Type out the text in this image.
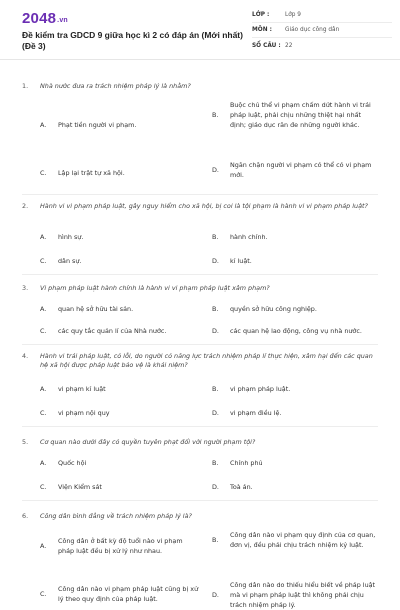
2048.vn
Đề kiểm tra GDCD 9 giữa học kì 2 có đáp án (Mới nhất) (Đề 3)
LỚP :	Lớp 9
MÔN :	Giáo dục công dân
SỐ CÂU : 22
1.	Nhà nước đưa ra trách nhiệm pháp lý là nhằm?
A.	Phạt tiền người vi phạm.
B.
Buộc chủ thể vi phạm chấm dứt hành vi trái pháp luật, phải chịu những thiệt hại nhất định; giáo dục răn đe những người khác.
C.	Lập lại trật tự xã hội.	D.
Ngăn chặn người vi phạm có thể có vi phạm mới.
2.	Hành vi vi phạm pháp luật, gây nguy hiểm cho xã hội, bị coi là tội phạm là hành vi vi phạm pháp luật?
A.	hình sự.	B.	hành chính.
C.	dân sự.	D.	kỉ luật.
3.	Vi phạm pháp luật hành chính là hành vi vi phạm pháp luật xâm phạm?
A.	quan hệ sở hữu tài sản.	B.	quyền sở hữu công nghiệp.
C.	các quy tắc quản lí của Nhà nước.	D.	các quan hệ lao động, công vụ nhà nước.
4.	Hành vi trái pháp luật, có lỗi, do người có năng lực trách nhiệm pháp lí thực hiện, xâm hại đến các quan hệ xã hội được pháp luật bảo vệ là khái niệm?
A.	vi phạm kỉ luật	B.	vi phạm pháp luật.
C.	vi phạm nội quy	D.	vi phạm điều lệ.
5.	Cơ quan nào dưới đây có quyền tuyên phạt đối với người phạm tội?
A.	Quốc hội	B.	Chính phủ
C.	Viện Kiểm sát	D.	Toà án.
6.	Công dân bình đẳng về trách nhiệm pháp lý là?
A.
Công dân ở bất kỳ độ tuổi nào vi phạm pháp luật đều bị xử lý như nhau.
B.
Công dân nào vi phạm quy định của cơ quan, đơn vị, đều phải chịu trách nhiệm kỷ luật.
C.
Công dân nào vi phạm pháp luật cũng bị xử lý theo quy định của pháp luật.	D.
Công dân nào do thiếu hiểu biết về pháp luật mà vi phạm pháp luật thì không phải chịu trách nhiệm pháp lý.
